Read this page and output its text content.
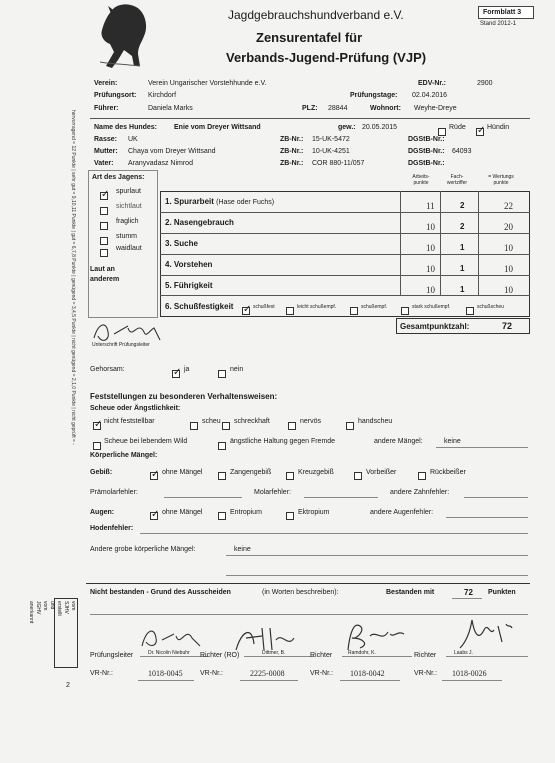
Jagdgebrauchshundverband e.V.
Zensurentafel für
Verbands-Jugend-Prüfung (VJP)
Formblatt 3
Stand 2012-1
Verein:	Verein Ungarischer Vorstehhunde e.V.	EDV-Nr.:	2900
Prüfungsort: Kirchdorf	Prüfungstage: 02.04.2016
Führer:	Daniela Marks	PLZ: 28844	Wohnort: Weyhe-Dreye
Name des Hundes: Enie vom Dreyer Wittsand	gew.: 20.05.2015	Rüde
✓	Hündin
Rasse: UK	ZB-Nr.: 15-UK-5472	DGStB-Nr.:
Mutter: Chaya vom Dreyer Wittsand	ZB-Nr.: 10-UK-4251	DGStB-Nr.: 64093
Vater: Aranyvadasz Nimrod	ZB-Nr.: COR 880-11/057	DGStB-Nr.:
Art des Jagens:
✓
spurlaut
sichtlaut
fraglich
stumm
waidlaut
Laut an
anderem
Arbeits-
punkte
Fach-
wertziffer
= Wertungs
punkte
1. Spurarbeit (Hase oder Fuchs)	11	2	22
2. Nasengebrauch	10	2	20
3. Suche	10	1	10
4. Vorstehen	10	1	10
5. Führigkeit	10	1	10
6. Schußfestigkeit ✓	schußfest	leicht schußempf.	schußempf.	stark schußempf.	schußscheu
Gesamtpunktzahl:	72
Unterschrift Prüfungsleiter
Gehorsam:
✓	ja	nein
Feststellungen zu besonderen Verhaltensweisen:
Scheue oder Ängstlichkeit:
✓
nicht feststellbar	scheu schreckhaft	nervös	handscheu
Scheue bei lebendem Wild	ängstliche Haltung gegen Fremde	andere Mängel:	keine
Körperliche Mängel:
Gebiß: ✓	ohne Mängel	Zangengebiß	Kreuzgebiß	Vorbeißer	Rückbeißer
Prämolarfehler:	Molarfehler:	andere Zahnfehler:
Augen: ✓	ohne Mängel	Entropium	Ektropium	andere Augenfehler:
Hodenfehler:
Andere grobe körperliche Mängel:	keine
Nicht bestanden - Grund des Ausscheiden	(in Worten beschreiben):	Bestanden mit	72 Punkten
Prüfungsleiter	Dr. Nicolin Niebuhr Richter (RO)	Dittmer, B.	Richter	Ramdohr, K.	Richter	Laabs J.
VR-Nr.:	1018-0045 VR-Nr.:	2225-0008	VR-Nr.: 1018-0042	VR-Nr.: 1018-0026
hervorragend = 12 Punkte | sehr gut = 9,10,11 Punkte | gut = 6,7,8 Punkte | genügend = 3,4,5 Punkte | nicht genügend = 2,1,0 Punkte | nicht geprüft = -
vom SJHV erstellt und
vom JGHV anerkannt
2
